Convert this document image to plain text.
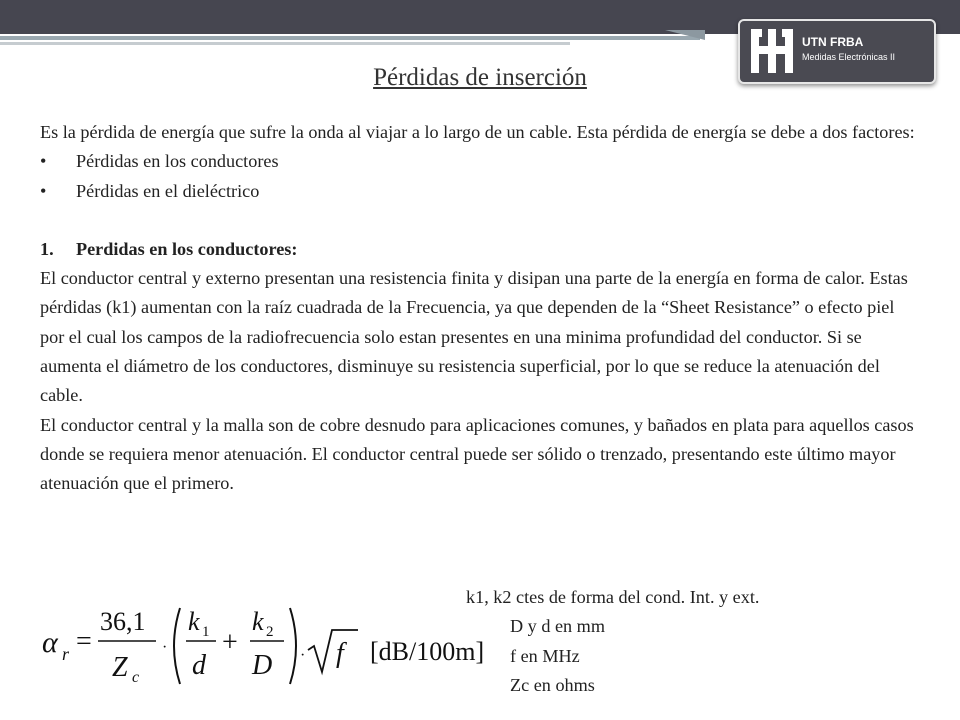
UTN FRBA
Medidas Electrónicas II
Pérdidas de inserción

Es la pérdida de energía que sufre la onda al viajar a lo largo de un cable. Esta pérdida de energía se debe a dos factores:

• Pérdidas en los conductores
• Pérdidas en el dieléctrico
1. Perdidas en los conductores:

El conductor central y externo presentan una resistencia finita y disipan una parte de la energía en forma de calor. Estas pérdidas (k1) aumentan con la raíz cuadrada de la Frecuencia, ya que dependen de la “Sheet Resistance” o efecto piel por el cual los campos de la radiofrecuencia solo estan presentes en una minima profundidad del conductor. Si se aumenta el diámetro de los conductores, disminuye su resistencia superficial, por lo que se reduce la atenuación del cable.

El conductor central y la malla son de cobre desnudo para aplicaciones comunes, y bañados en plata para aquellos casos donde se requiera menor atenuación. El conductor central puede ser sólido o trenzado, presentando este último mayor atenuación que el primero.

α r =
36,1
Z c
·
k 1
d
+
k 2
D · f [dB/100m]
k1, k2 ctes de forma del cond. Int. y ext.
D y d en mm
f en MHz
Zc en ohms
